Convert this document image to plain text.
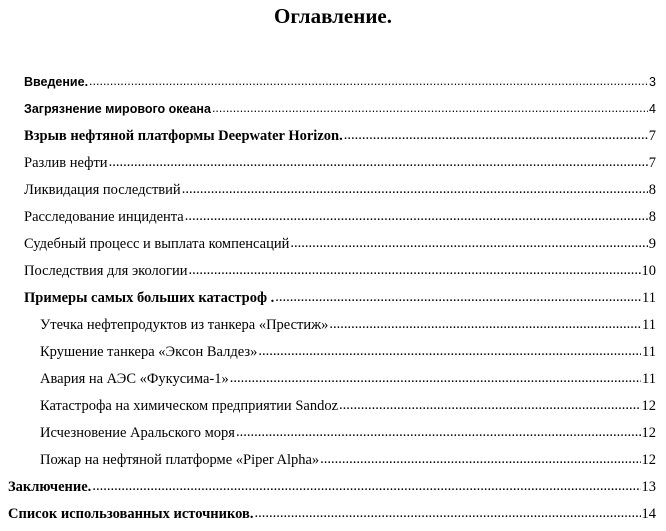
Оглавление.
Введение. .....	3
Загрязнение мирового океана .....	4
Взрыв нефтяной платформы Deepwater Horizon. .....	7
Разлив нефти .....	7
Ликвидация последствий .....	8
Расследование инцидента .....	8
Судебный процесс и выплата компенсаций .....	9
Последствия для экологии .....	10
Примеры самых больших катастроф . .....	11
Утечка нефтепродуктов из танкера «Престиж» .....	11
Крушение танкера «Эксон Валдез» .....	11
Авария на АЭС «Фукусима-1» .....	11
Катастрофа на химическом предприятии Sandoz .....	12
Исчезновение Аральского моря .....	12
Пожар на нефтяной платформе «Piper Alpha» .....	12
Заключение. .....	13
Список использованных источников. .....	14
